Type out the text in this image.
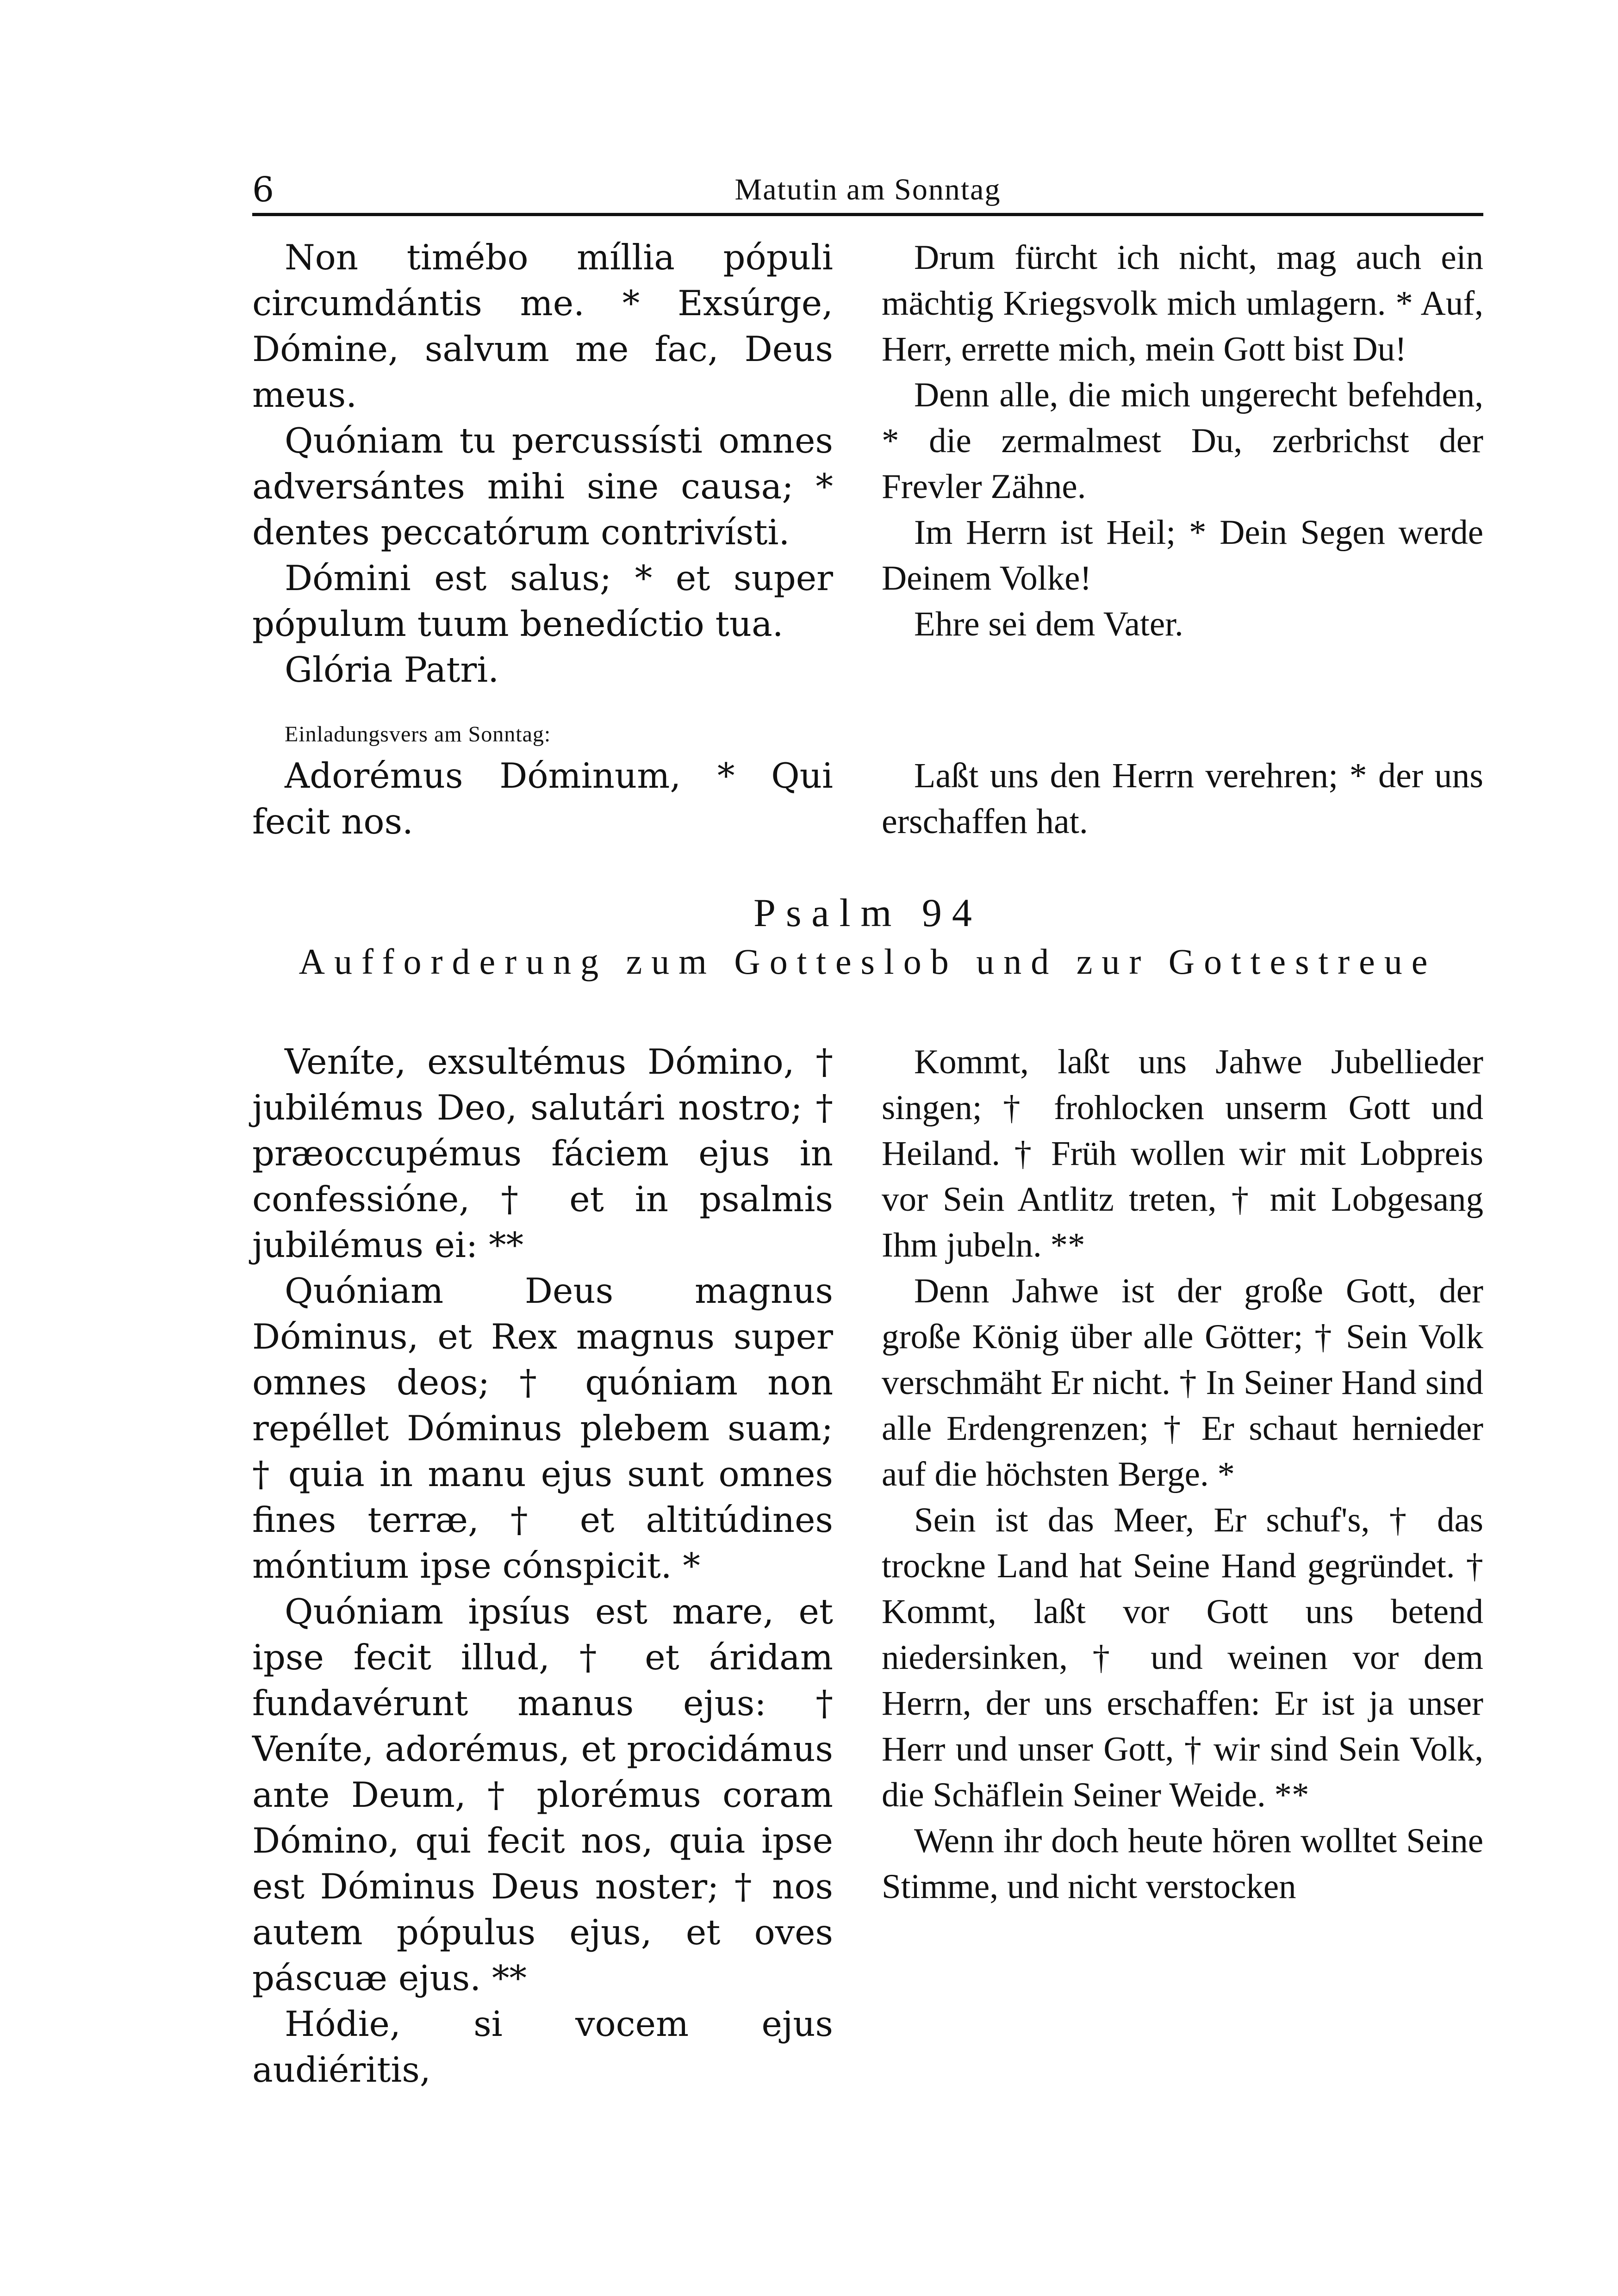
6	Matutin am Sonntag

Non timébo míllia pópuli circumdántis me. * Exsúrge, Dómine, salvum me fac, Deus meus.

Quóniam tu percussísti omnes adversántes mihi sine causa; * dentes peccatórum contrivísti.

Dómini est salus; * et super pópulum tuum benedíctio tua.

Glória Patri.

Drum fürcht ich nicht, mag auch ein mächtig Kriegsvolk mich umlagern. * Auf, Herr, errette mich, mein Gott bist Du!

Denn alle, die mich ungerecht befehden, * die zermalmest Du, zerbrichst der Frevler Zähne.

Im Herrn ist Heil; * Dein Segen werde Deinem Volke!

Ehre sei dem Vater.

Einladungsvers am Sonntag:

Adorémus Dóminum, * Qui fecit nos.

Laßt uns den Herrn verehren; * der uns erschaffen hat.

Psalm 94
Aufforderung zum Gotteslob und zur Gottestreue

Veníte, exsultémus Dómino, † jubilémus Deo, salutári nostro; † præoccupémus fáciem ejus in confessióne, † et in psalmis jubilémus ei: **

Quóniam Deus magnus Dóminus, et Rex magnus super omnes deos; † quóniam non repéllet Dóminus plebem suam; † quia in manu ejus sunt omnes fines terræ, † et altitúdines móntium ipse cónspicit. *

Quóniam ipsíus est mare, et ipse fecit illud, † et áridam fundavérunt manus ejus: † Veníte, adorémus, et procidámus ante Deum, † plorémus coram Dómino, qui fecit nos, quia ipse est Dóminus Deus noster; † nos autem pópulus ejus, et oves páscuæ ejus. **

Hódie, si vocem ejus audiéritis,

Kommt, laßt uns Jahwe Jubellieder singen; † frohlocken unserm Gott und Heiland. † Früh wollen wir mit Lobpreis vor Sein Antlitz treten, † mit Lobgesang Ihm jubeln. **

Denn Jahwe ist der große Gott, der große König über alle Götter; † Sein Volk verschmäht Er nicht. † In Seiner Hand sind alle Erdengrenzen; † Er schaut hernieder auf die höchsten Berge. *

Sein ist das Meer, Er schuf's, † das trockne Land hat Seine Hand gegründet. † Kommt, laßt vor Gott uns betend niedersinken, † und weinen vor dem Herrn, der uns erschaffen: Er ist ja unser Herr und unser Gott, † wir sind Sein Volk, die Schäflein Seiner Weide. **

Wenn ihr doch heute hören wolltet Seine Stimme, und nicht verstocken
